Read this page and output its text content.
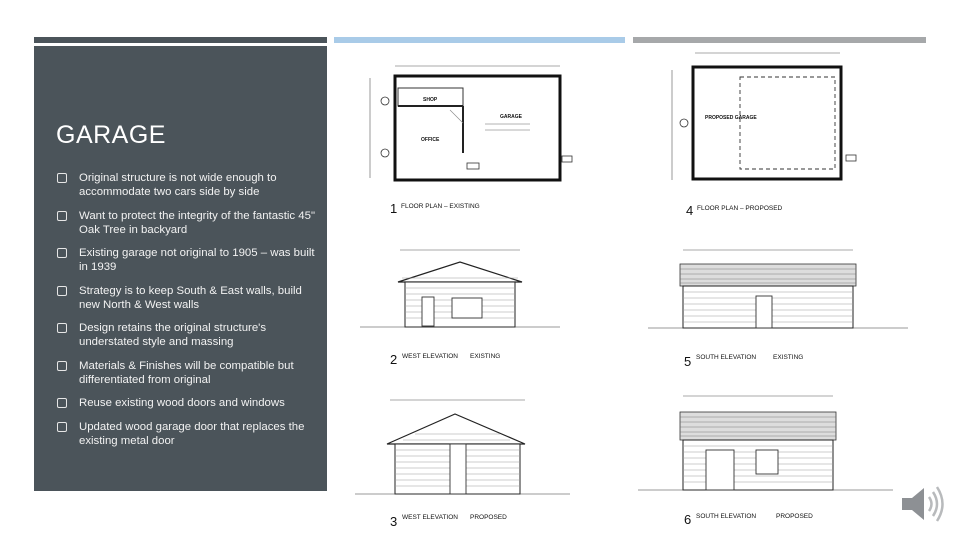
GARAGE
Original structure is not wide enough to accommodate two cars side by side
Want to protect the integrity of the fantastic 45" Oak Tree in backyard
Existing garage not original to 1905 – was built in 1939
Strategy is to keep South & East walls, build new North & West walls
Design retains the original structure's understated style and massing
Materials & Finishes will be compatible but differentiated from original
Reuse existing wood doors and windows
Updated wood garage door that replaces the existing metal door
SHOP
OFFICE
GARAGE
1 FLOOR PLAN – EXISTING
PROPOSED GARAGE
4 FLOOR PLAN – PROPOSED
2 WEST ELEVATION EXISTING	5 SOUTH ELEVATION	EXISTING
3 WEST ELEVATION PROPOSED	6 SOUTH ELEVATION	PROPOSED
